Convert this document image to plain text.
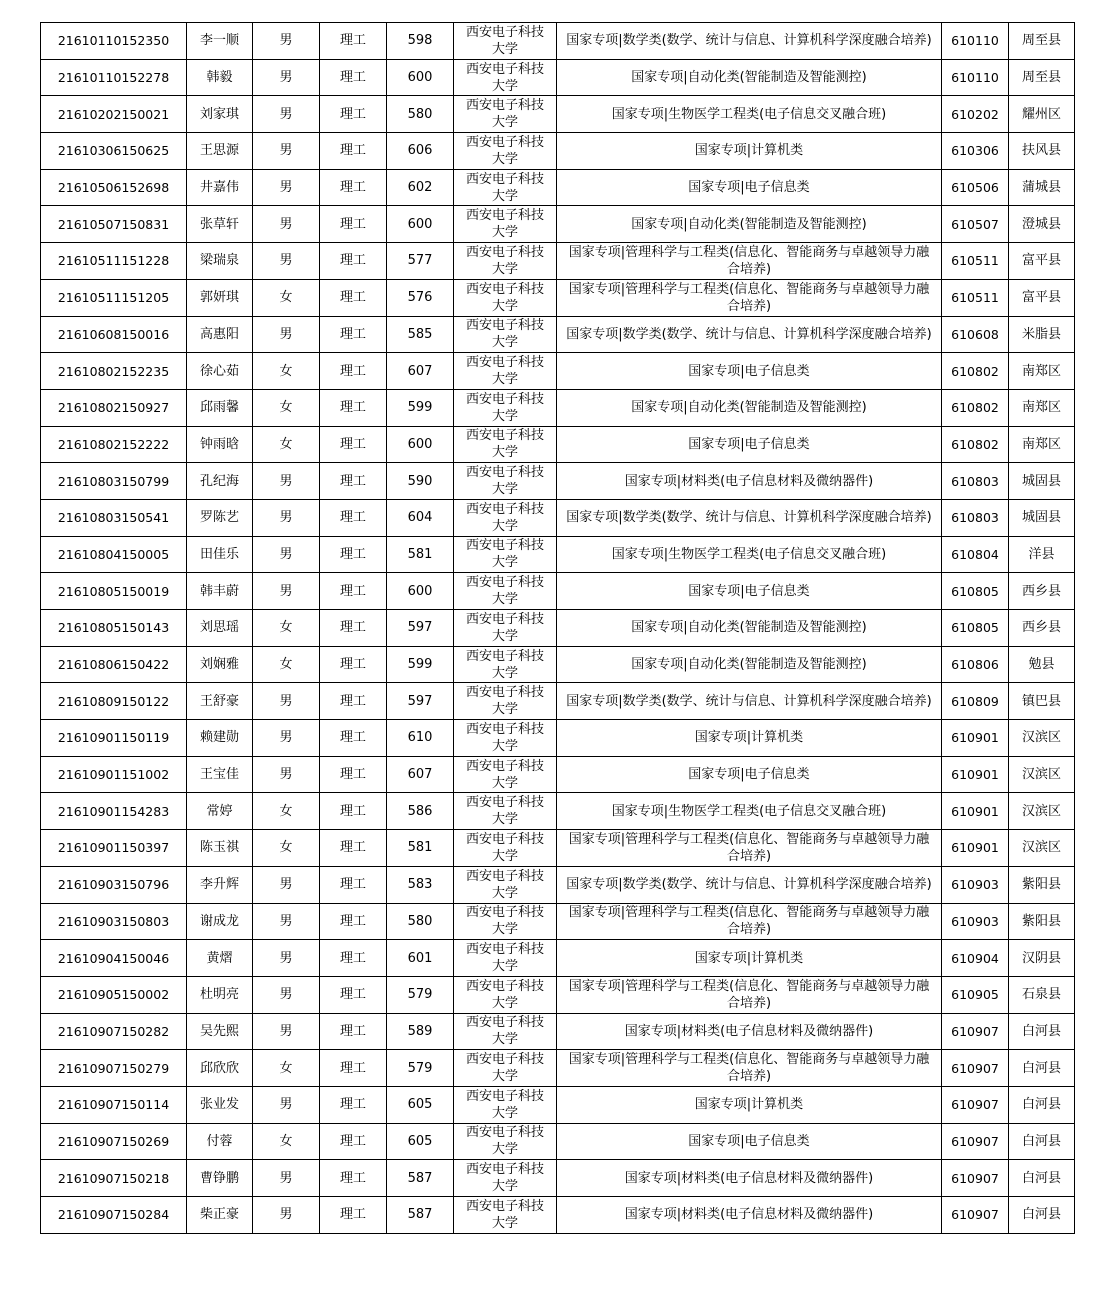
21610110152350	李一顺	男	理工	598	西安电子科技大学	国家专项|数学类(数学、统计与信息、计算机科学深度融合培养)	610110	周至县
21610110152278	韩毅	男	理工	600	西安电子科技大学	国家专项|自动化类(智能制造及智能测控)	610110	周至县
21610202150021	刘家琪	男	理工	580	西安电子科技大学	国家专项|生物医学工程类(电子信息交叉融合班)	610202	耀州区
21610306150625	王思源	男	理工	606	西安电子科技大学	国家专项|计算机类	610306	扶风县
21610506152698	井嘉伟	男	理工	602	西安电子科技大学	国家专项|电子信息类	610506	蒲城县
21610507150831	张草轩	男	理工	600	西安电子科技大学	国家专项|自动化类(智能制造及智能测控)	610507	澄城县
21610511151228	梁瑞泉	男	理工	577	西安电子科技大学	国家专项|管理科学与工程类(信息化、智能商务与卓越领导力融合培养)	610511	富平县
21610511151205	郭妍琪	女	理工	576	西安电子科技大学	国家专项|管理科学与工程类(信息化、智能商务与卓越领导力融合培养)	610511	富平县
21610608150016	高惠阳	男	理工	585	西安电子科技大学	国家专项|数学类(数学、统计与信息、计算机科学深度融合培养)	610608	米脂县
21610802152235	徐心茹	女	理工	607	西安电子科技大学	国家专项|电子信息类	610802	南郑区
21610802150927	邱雨馨	女	理工	599	西安电子科技大学	国家专项|自动化类(智能制造及智能测控)	610802	南郑区
21610802152222	钟雨晗	女	理工	600	西安电子科技大学	国家专项|电子信息类	610802	南郑区
21610803150799	孔纪海	男	理工	590	西安电子科技大学	国家专项|材料类(电子信息材料及微纳器件)	610803	城固县
21610803150541	罗陈艺	男	理工	604	西安电子科技大学	国家专项|数学类(数学、统计与信息、计算机科学深度融合培养)	610803	城固县
21610804150005	田佳乐	男	理工	581	西安电子科技大学	国家专项|生物医学工程类(电子信息交叉融合班)	610804	洋县
21610805150019	韩丰蔚	男	理工	600	西安电子科技大学	国家专项|电子信息类	610805	西乡县
21610805150143	刘思瑶	女	理工	597	西安电子科技大学	国家专项|自动化类(智能制造及智能测控)	610805	西乡县
21610806150422	刘娴雅	女	理工	599	西安电子科技大学	国家专项|自动化类(智能制造及智能测控)	610806	勉县
21610809150122	王舒豪	男	理工	597	西安电子科技大学	国家专项|数学类(数学、统计与信息、计算机科学深度融合培养)	610809	镇巴县
21610901150119	赖建勋	男	理工	610	西安电子科技大学	国家专项|计算机类	610901	汉滨区
21610901151002	王宝佳	男	理工	607	西安电子科技大学	国家专项|电子信息类	610901	汉滨区
21610901154283	常婷	女	理工	586	西安电子科技大学	国家专项|生物医学工程类(电子信息交叉融合班)	610901	汉滨区
21610901150397	陈玉祺	女	理工	581	西安电子科技大学	国家专项|管理科学与工程类(信息化、智能商务与卓越领导力融合培养)	610901	汉滨区
21610903150796	李升辉	男	理工	583	西安电子科技大学	国家专项|数学类(数学、统计与信息、计算机科学深度融合培养)	610903	紫阳县
21610903150803	谢成龙	男	理工	580	西安电子科技大学	国家专项|管理科学与工程类(信息化、智能商务与卓越领导力融合培养)	610903	紫阳县
21610904150046	黄熠	男	理工	601	西安电子科技大学	国家专项|计算机类	610904	汉阴县
21610905150002	杜明亮	男	理工	579	西安电子科技大学	国家专项|管理科学与工程类(信息化、智能商务与卓越领导力融合培养)	610905	石泉县
21610907150282	吴先熙	男	理工	589	西安电子科技大学	国家专项|材料类(电子信息材料及微纳器件)	610907	白河县
21610907150279	邱欣欣	女	理工	579	西安电子科技大学	国家专项|管理科学与工程类(信息化、智能商务与卓越领导力融合培养)	610907	白河县
21610907150114	张业发	男	理工	605	西安电子科技大学	国家专项|计算机类	610907	白河县
21610907150269	付蓉	女	理工	605	西安电子科技大学	国家专项|电子信息类	610907	白河县
21610907150218	曹铮鹏	男	理工	587	西安电子科技大学	国家专项|材料类(电子信息材料及微纳器件)	610907	白河县
21610907150284	柴正豪	男	理工	587	西安电子科技大学	国家专项|材料类(电子信息材料及微纳器件)	610907	白河县
